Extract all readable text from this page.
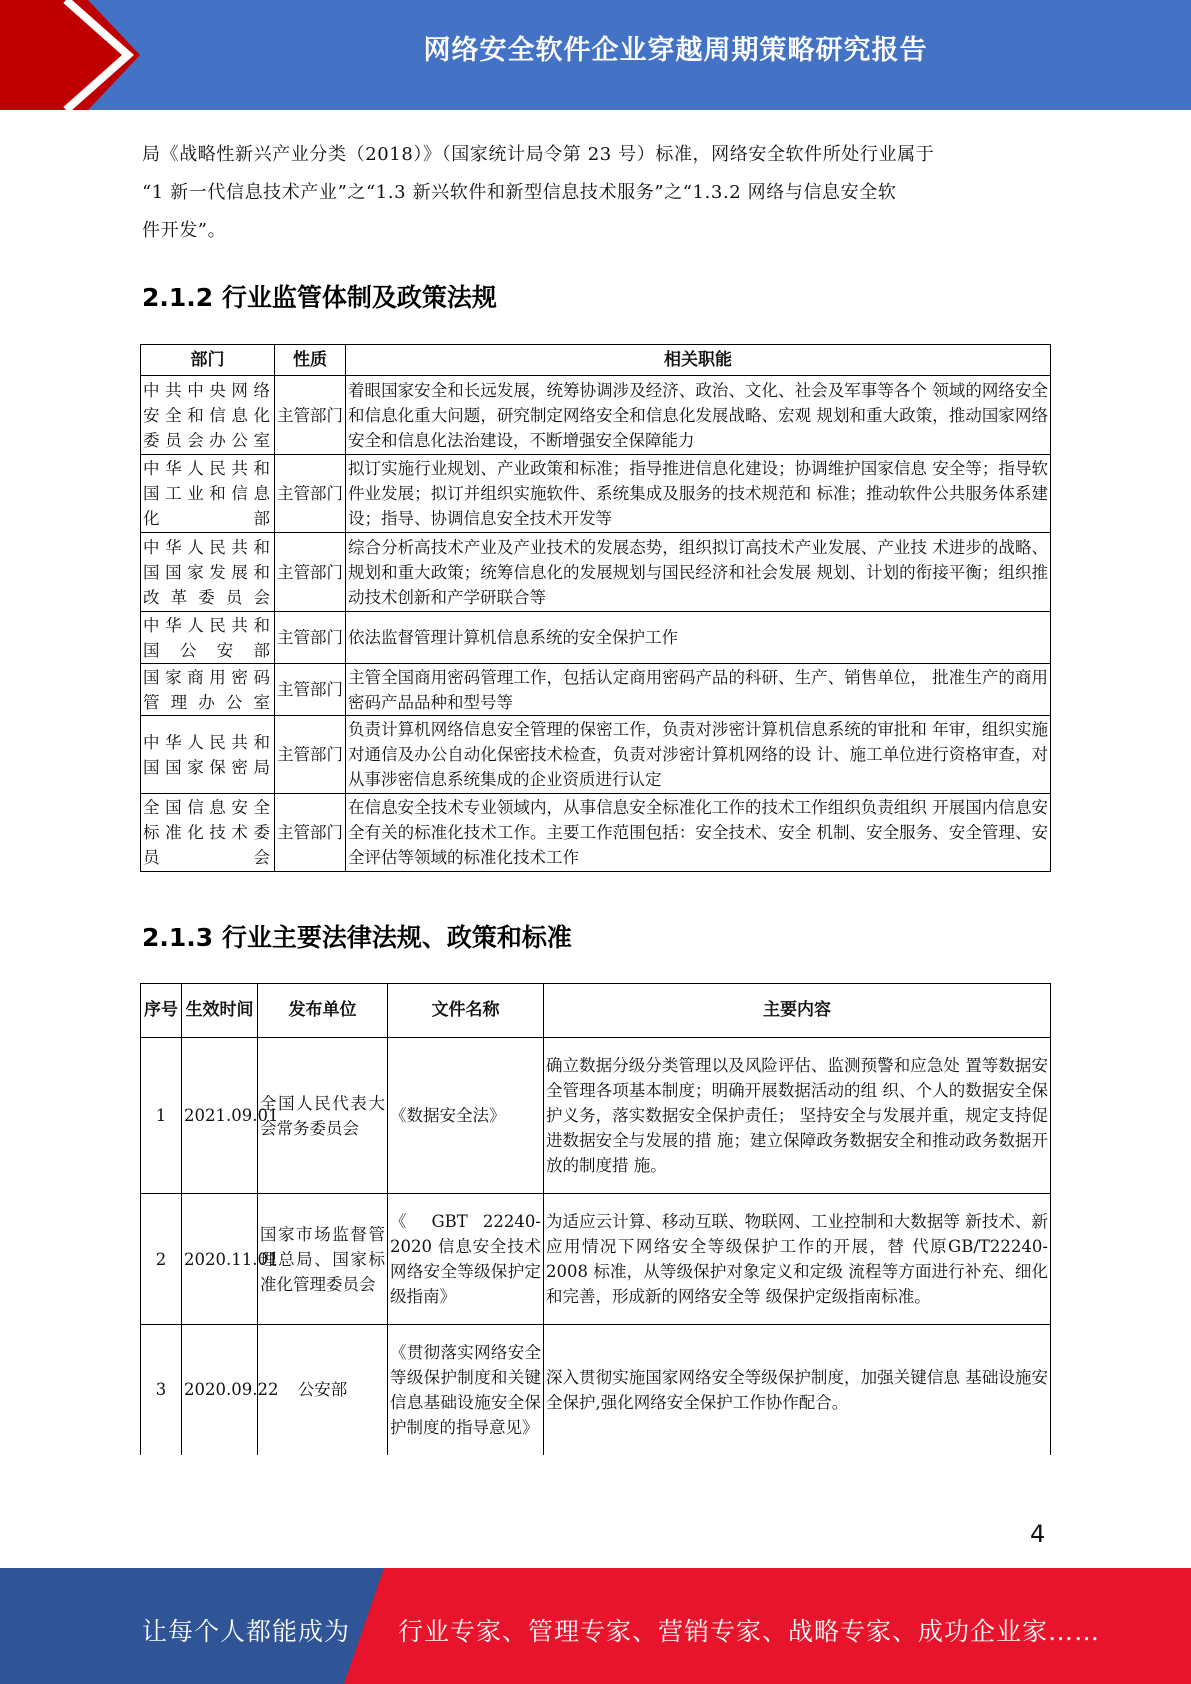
网络安全软件企业穿越周期策略研究报告

局《战略性新兴产业分类（2018）》（国家统计局令第 23 号）标准，网络安全软件所处行业属于

“1 新一代信息技术产业”之“1.3 新兴软件和新型信息技术服务”之“1.3.2 网络与信息安全软

件开发”。

2.1.2 行业监管体制及政策法规
部门	性质	相关职能
中共中央网络安全和信息化委员会办公室	主管部门	着眼国家安全和长远发展，统筹协调涉及经济、政治、文化、社会及军事等各个 领域的网络安全和信息化重大问题，研究制定网络安全和信息化发展战略、宏观 规划和重大政策，推动国家网络安全和信息化法治建设，不断增强安全保障能力
中华人民共和国工业和信息化部	主管部门	拟订实施行业规划、产业政策和标准；指导推进信息化建设；协调维护国家信息 安全等；指导软件业发展；拟订并组织实施软件、系统集成及服务的技术规范和 标准；推动软件公共服务体系建设；指导、协调信息安全技术开发等
中华人民共和国国家发展和改革委员会	主管部门	综合分析高技术产业及产业技术的发展态势，组织拟订高技术产业发展、产业技 术进步的战略、规划和重大政策；统筹信息化的发展规划与国民经济和社会发展 规划、计划的衔接平衡；组织推动技术创新和产学研联合等
中华人民共和国公安部	主管部门	依法监督管理计算机信息系统的安全保护工作
国家商用密码管理办公室	主管部门	主管全国商用密码管理工作，包括认定商用密码产品的科研、生产、销售单位， 批准生产的商用密码产品品种和型号等
中华人民共和国国家保密局	主管部门	负责计算机网络信息安全管理的保密工作，负责对涉密计算机信息系统的审批和 年审，组织实施对通信及办公自动化保密技术检查，负责对涉密计算机网络的设 计、施工单位进行资格审查，对从事涉密信息系统集成的企业资质进行认定
全国信息安全标准化技术委员会	主管部门	在信息安全技术专业领域内，从事信息安全标准化工作的技术工作组织负责组织 开展国内信息安全有关的标准化技术工作。主要工作范围包括：安全技术、安全 机制、安全服务、安全管理、安全评估等领域的标准化技术工作
2.1.3 行业主要法律法规、政策和标准
序号	生效时间	发布单位	文件名称	主要内容
1	2021.09.01	全国人民代表大会常务委员会	《数据安全法》	确立数据分级分类管理以及风险评估、监测预警和应急处 置等数据安全管理各项基本制度；明确开展数据活动的组 织、个人的数据安全保护义务，落实数据安全保护责任； 坚持安全与发展并重，规定支持促进数据安全与发展的措 施；建立保障政务数据安全和推动政务数据开放的制度措 施。
2	2020.11.01	国家市场监督管理总局、国家标准化管理委员会	《 GBT 22240-2020 信息安全技术网络安全等级保护定级指南》	为适应云计算、移动互联、物联网、工业控制和大数据等 新技术、新应用情况下网络安全等级保护工作的开展，替 代原GB/T22240-2008 标准，从等级保护对象定义和定级 流程等方面进行补充、细化和完善，形成新的网络安全等 级保护定级指南标准。
3	2020.09.22	公安部	《贯彻落实网络安全等级保护制度和关键信息基础设施安全保护制度的指导意见》	深入贯彻实施国家网络安全等级保护制度，加强关键信息 基础设施安全保护,强化网络安全保护工作协作配合。
4
让每个人都能成为 行业专家、管理专家、营销专家、战略专家、成功企业家……
